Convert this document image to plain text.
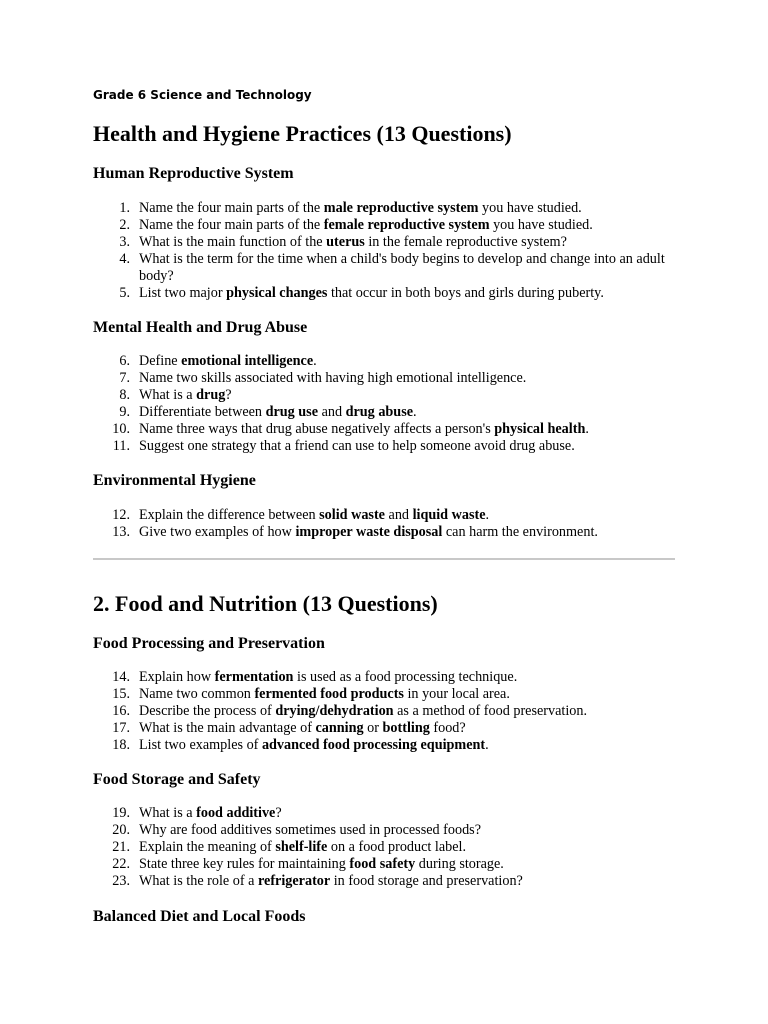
Grade 6 Science and Technology
Health and Hygiene Practices (13 Questions)
Human Reproductive System
1. Name the four main parts of the male reproductive system you have studied.
2. Name the four main parts of the female reproductive system you have studied.
3. What is the main function of the uterus in the female reproductive system?
4. What is the term for the time when a child's body begins to develop and change into an adult body?
5. List two major physical changes that occur in both boys and girls during puberty.
Mental Health and Drug Abuse
6. Define emotional intelligence.
7. Name two skills associated with having high emotional intelligence.
8. What is a drug?
9. Differentiate between drug use and drug abuse.
10. Name three ways that drug abuse negatively affects a person's physical health.
11. Suggest one strategy that a friend can use to help someone avoid drug abuse.
Environmental Hygiene
12. Explain the difference between solid waste and liquid waste.
13. Give two examples of how improper waste disposal can harm the environment.
2. Food and Nutrition (13 Questions)
Food Processing and Preservation
14. Explain how fermentation is used as a food processing technique.
15. Name two common fermented food products in your local area.
16. Describe the process of drying/dehydration as a method of food preservation.
17. What is the main advantage of canning or bottling food?
18. List two examples of advanced food processing equipment.
Food Storage and Safety
19. What is a food additive?
20. Why are food additives sometimes used in processed foods?
21. Explain the meaning of shelf-life on a food product label.
22. State three key rules for maintaining food safety during storage.
23. What is the role of a refrigerator in food storage and preservation?
Balanced Diet and Local Foods
